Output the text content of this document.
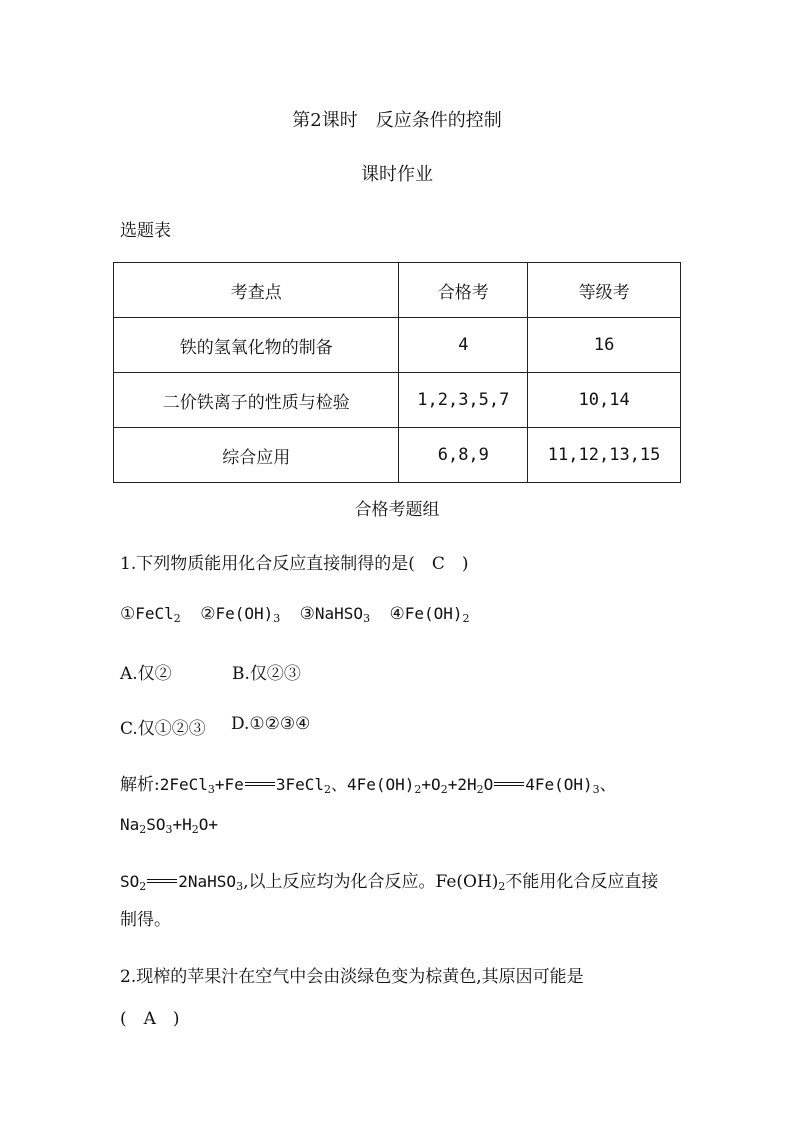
第2课时　反应条件的控制
课时作业
选题表
考查点	合格考	等级考
铁的氢氧化物的制备	4	16
二价铁离子的性质与检验	1,2,3,5,7	10,14
综合应用	6,8,9	11,12,13,15
合格考题组
1.下列物质能用化合反应直接制得的是(　C　)
①FeCl$_2$ $②Fe(OH)_3$ ③NaHSO$_3$ $④Fe(OH)_2$
A.仅②	B.仅②③
C.仅①②③ D.①②③④
解析:2FeCl$_3$+Fe 3FeCl$_2$、$4Fe(OH)_2+O_2+2H_2O$ $4Fe(OH)_3$、
$Na_2SO_3+H_2O+$
$SO_2$ 2NaHSO$_3$,以上反应均为化合反应。$Fe(OH)_2$不能用化合反应直接
制得。
2.现榨的苹果汁在空气中会由淡绿色变为棕黄色,其原因可能是
(　A　)
